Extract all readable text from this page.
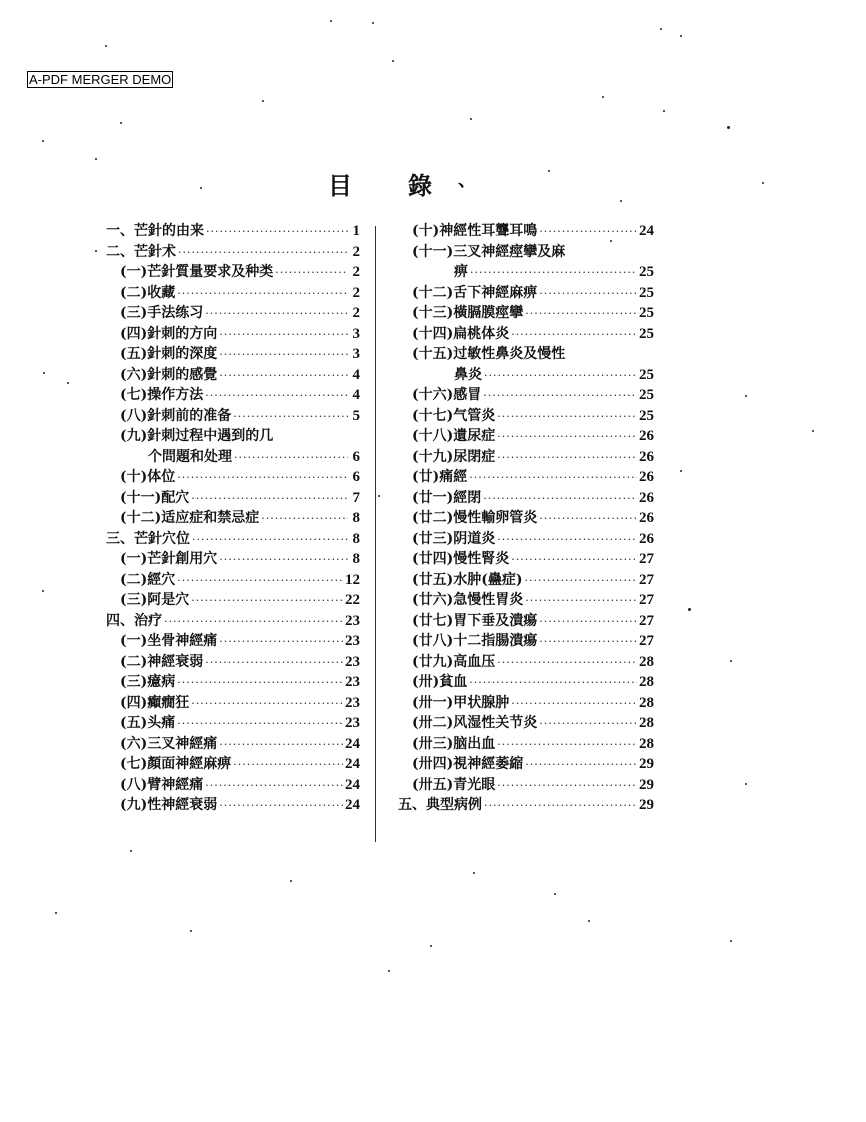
A-PDF MERGER DEMO
目 錄 、
一、芒針的由来 ·····	1
二、芒針术 ·····	2
(一)芒針質量要求及种类 ·····	2
(二)收藏 ·····	2
(三)手法练习 ·····	2
(四)針刺的方向 ·····	3
(五)針刺的深度 ·····	3
(六)針刺的感覺 ·····	4
(七)操作方法 ·····	4
(八)針刺前的准备 ·····	5
(九)針刺过程中遇到的几
个問題和处理 ·····	6
(十)体位 ·····	6
(十一)配穴 ·····	7
(十二)适应症和禁忌症 ·····	8
三、芒針穴位 ·····	8
(一)芒針創用穴 ·····	8
(二)經穴 ·····	12
(三)阿是穴 ·····	22
四、治疗 ·····	23
(一)坐骨神經痛 ·····	23
(二)神經衰弱 ·····	23
(三)癔病 ·····	23
(四)癲癇狂 ·····	23
(五)头痛 ·····	23
(六)三叉神經痛 ·····	24
(七)顏面神經麻痹 ·····	24
(八)臂神經痛 ·····	24
(九)性神經衰弱 ·····	24
(十)神經性耳聾耳鳴 ·····	24
(十一)三叉神經痙攣及麻
痹 ·····	25
(十二)舌下神經麻痹 ·····	25
(十三)橫膈膜痙攣 ·····	25
(十四)扁桃体炎 ·····	25
(十五)过敏性鼻炎及慢性
鼻炎 ·····	25
(十六)感冒 ·····	25
(十七)气管炎 ·····	25
(十八)遺尿症 ·····	26
(十九)尿閉症 ·····	26
(廿)痛經 ·····	26
(廿一)經閉 ·····	26
(廿二)慢性輸卵管炎 ·····	26
(廿三)阴道炎 ·····	26
(廿四)慢性腎炎 ·····	27
(廿五)水肿(蠱症) ·····	27
(廿六)急慢性胃炎 ·····	27
(廿七)胃下垂及潰瘍 ·····	27
(廿八)十二指腸潰瘍 ·····	27
(廿九)高血压 ·····	28
(卅)貧血 ·····	28
(卅一)甲状腺肿 ·····	28
(卅二)风湿性关节炎 ·····	28
(卅三)脑出血 ·····	28
(卅四)視神經萎縮 ·····	29
(卅五)青光眼 ·····	29
五、典型病例 ·····	29
